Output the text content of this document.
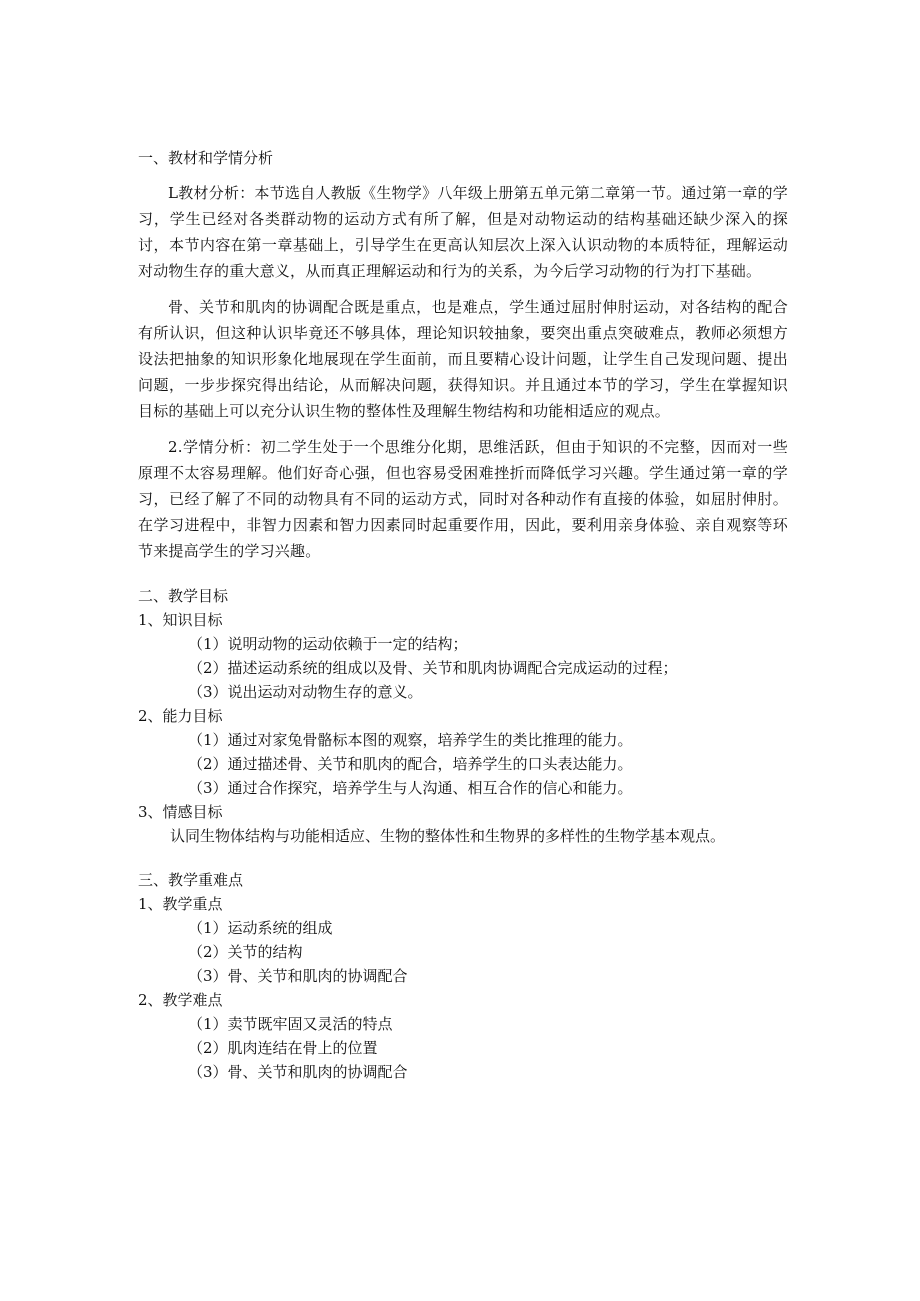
一、教材和学情分析

L教材分析：本节选自人教版《生物学》八年级上册第五单元第二章第一节。通过第一章的学习，学生已经对各类群动物的运动方式有所了解，但是对动物运动的结构基础还缺少深入的探讨，本节内容在第一章基础上，引导学生在更高认知层次上深入认识动物的本质特征，理解运动对动物生存的重大意义，从而真正理解运动和行为的关系，为今后学习动物的行为打下基础。

骨、关节和肌肉的协调配合既是重点，也是难点，学生通过屈肘伸肘运动，对各结构的配合有所认识，但这种认识毕竟还不够具体，理论知识较抽象，要突出重点突破难点，教师必须想方设法把抽象的知识形象化地展现在学生面前，而且要精心设计问题，让学生自己发现问题、提出问题，一步步探究得出结论，从而解决问题，获得知识。并且通过本节的学习，学生在掌握知识目标的基础上可以充分认识生物的整体性及理解生物结构和功能相适应的观点。

2.学情分析：初二学生处于一个思维分化期，思维活跃，但由于知识的不完整，因而对一些原理不太容易理解。他们好奇心强，但也容易受困难挫折而降低学习兴趣。学生通过第一章的学习，已经了解了不同的动物具有不同的运动方式，同时对各种动作有直接的体验，如屈肘伸肘。在学习进程中，非智力因素和智力因素同时起重要作用，因此，要利用亲身体验、亲自观察等环节来提高学生的学习兴趣。

二、教学目标

1、知识目标

（1）说明动物的运动依赖于一定的结构；

（2）描述运动系统的组成以及骨、关节和肌肉协调配合完成运动的过程；

（3）说出运动对动物生存的意义。

2、能力目标

（1）通过对家兔骨骼标本图的观察，培养学生的类比推理的能力。

（2）通过描述骨、关节和肌肉的配合，培养学生的口头表达能力。

（3）通过合作探究，培养学生与人沟通、相互合作的信心和能力。

3、情感目标

认同生物体结构与功能相适应、生物的整体性和生物界的多样性的生物学基本观点。

三、教学重难点

1、教学重点

（1）运动系统的组成

（2）关节的结构

（3）骨、关节和肌肉的协调配合

2、教学难点

（1）卖节既牢固又灵活的特点

（2）肌肉连结在骨上的位置

（3）骨、关节和肌肉的协调配合
